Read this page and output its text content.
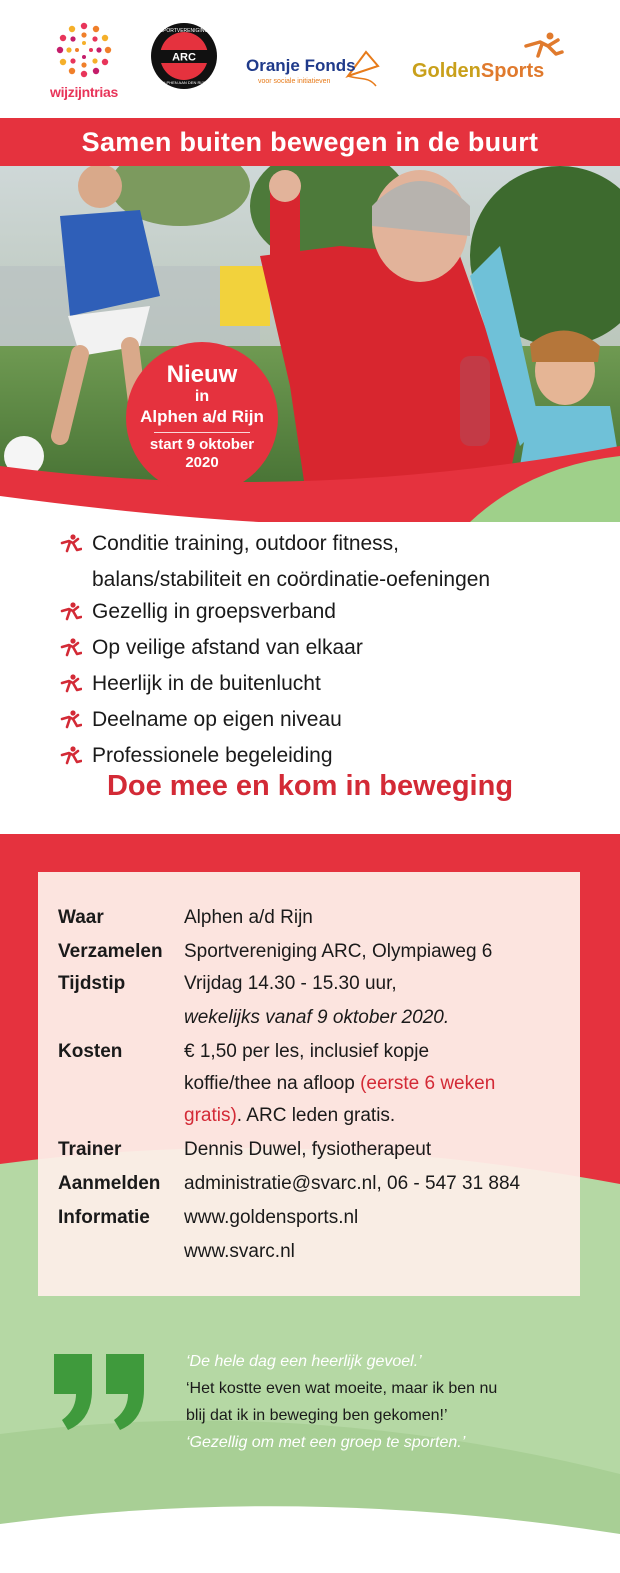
wijzijntrias
ARC
SPORTVERENIGING
ALPHEN AAN DEN RIJN
Oranje Fonds
voor sociale initiatieven	GoldenSports
Samen buiten bewegen in de buurt
Nieuw
in
Alphen a/d Rijn
start 9 oktober
2020
Conditie training, outdoor fitness,
balans/stabiliteit en coördinatie-oefeningen
Gezellig in groepsverband
Op veilige afstand van elkaar
Heerlijk in de buitenlucht
Deelname op eigen niveau
Professionele begeleiding
Doe mee en kom in beweging
Waar	Alphen a/d Rijn
Verzamelen	Sportvereniging ARC, Olympiaweg 6
Tijdstip	Vrijdag 14.30 - 15.30 uur,
wekelijks vanaf 9 oktober 2020.
Kosten	€ 1,50 per les, inclusief kopje
koffie/thee na afloop (eerste 6 weken
gratis). ARC leden gratis.
Trainer	Dennis Duwel, fysiotherapeut
Aanmelden	administratie@svarc.nl, 06 - 547 31 884
Informatie	www.goldensports.nl
www.svarc.nl
‘De hele dag een heerlijk gevoel.’
‘Het kostte even wat moeite, maar ik ben nu
blij dat ik in beweging ben gekomen!’
‘Gezellig om met een groep te sporten.’
